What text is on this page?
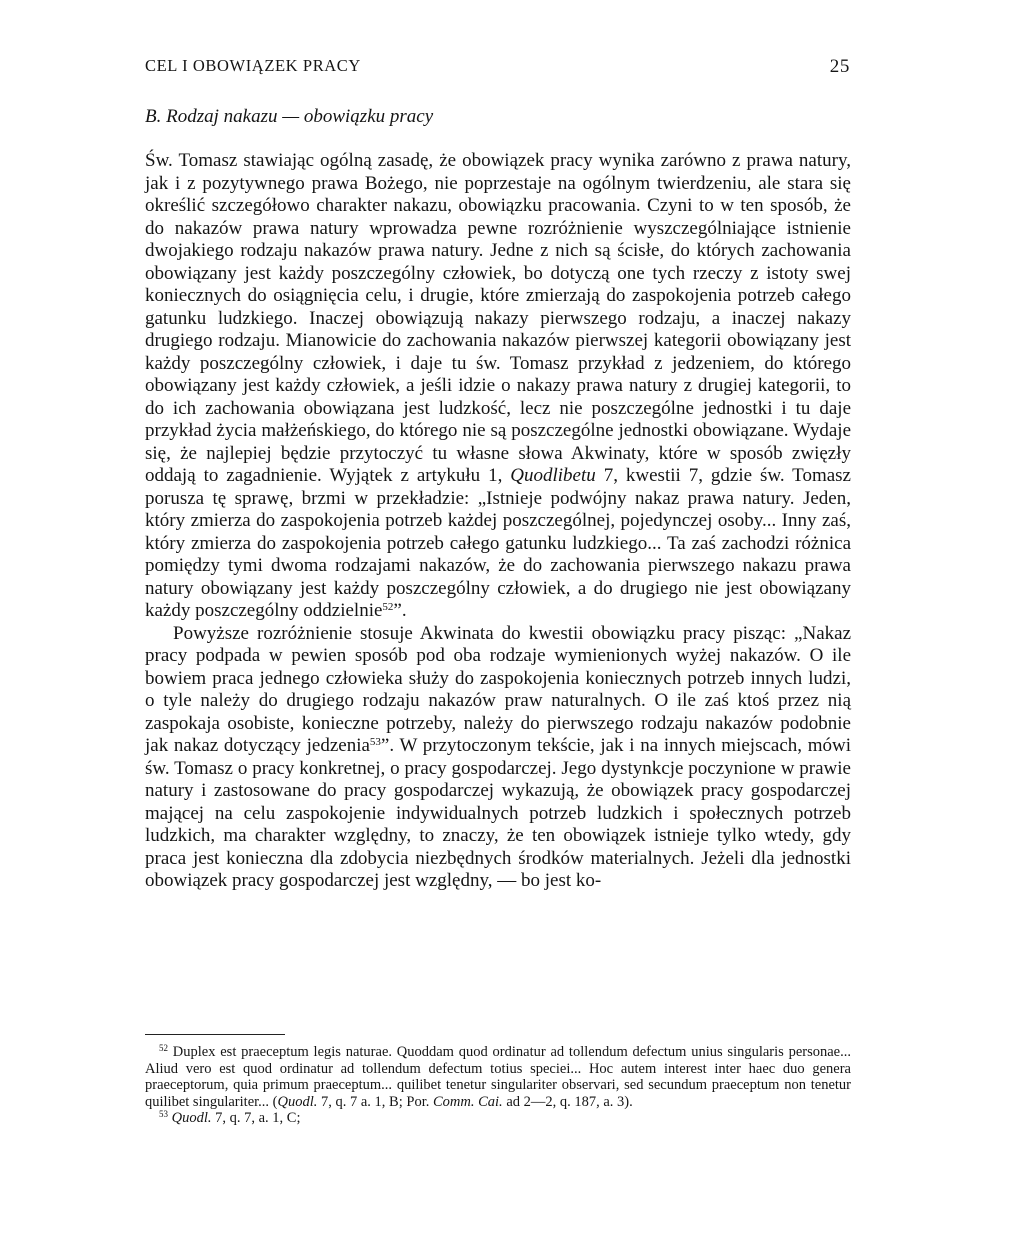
CEL I OBOWIĄZEK PRACY	25
B. Rodzaj nakazu — obowiązku pracy

Św. Tomasz stawiając ogólną zasadę, że obowiązek pracy wynika zarówno z prawa natury, jak i z pozytywnego prawa Bożego, nie poprzestaje na ogólnym twierdzeniu, ale stara się określić szczegółowo charakter nakazu, obowiązku pracowania. Czyni to w ten sposób, że do nakazów prawa natury wprowadza pewne rozróżnienie wyszczególniające istnienie dwojakiego rodzaju nakazów prawa natury. Jedne z nich są ścisłe, do których zachowania obowiązany jest każdy poszczególny człowiek, bo dotyczą one tych rzeczy z istoty swej koniecznych do osiągnięcia celu, i drugie, które zmierzają do zaspokojenia potrzeb całego gatunku ludzkiego. Inaczej obowiązują nakazy pierwszego rodzaju, a inaczej nakazy drugiego rodzaju. Mianowicie do zachowania nakazów pierwszej kategorii obowiązany jest każdy poszczególny człowiek, i daje tu św. Tomasz przykład z jedzeniem, do którego obowiązany jest każdy człowiek, a jeśli idzie o nakazy prawa natury z drugiej kategorii, to do ich zachowania obowiązana jest ludzkość, lecz nie poszczególne jednostki i tu daje przykład życia małżeńskiego, do którego nie są poszczególne jednostki obowiązane. Wydaje się, że najlepiej będzie przytoczyć tu własne słowa Akwinaty, które w sposób zwięzły oddają to zagadnienie. Wyjątek z artykułu 1, Quodlibetu 7, kwestii 7, gdzie św. Tomasz porusza tę sprawę, brzmi w przekładzie: „Istnieje podwójny nakaz prawa natury. Jeden, który zmierza do zaspokojenia potrzeb każdej poszczególnej, pojedynczej osoby... Inny zaś, który zmierza do zaspokojenia potrzeb całego gatunku ludzkiego... Ta zaś zachodzi różnica pomiędzy tymi dwoma rodzajami nakazów, że do zachowania pierwszego nakazu prawa natury obowiązany jest każdy poszczególny człowiek, a do drugiego nie jest obowiązany każdy poszczególny oddzielnie$^{52}$”.

Powyższe rozróżnienie stosuje Akwinata do kwestii obowiązku pracy pisząc: „Nakaz pracy podpada w pewien sposób pod oba rodzaje wymienionych wyżej nakazów. O ile bowiem praca jednego człowieka służy do zaspokojenia koniecznych potrzeb innych ludzi, o tyle należy do drugiego rodzaju nakazów praw naturalnych. O ile zaś ktoś przez nią zaspokaja osobiste, konieczne potrzeby, należy do pierwszego rodzaju nakazów podobnie jak nakaz dotyczący jedzenia$^{53}$”. W przytoczonym tekście, jak i na innych miejscach, mówi św. Tomasz o pracy konkretnej, o pracy gospodarczej. Jego dystynkcje poczynione w prawie natury i zastosowane do pracy gospodarczej wykazują, że obowiązek pracy gospodarczej mającej na celu zaspokojenie indywidualnych potrzeb ludzkich i społecznych potrzeb ludzkich, ma charakter względny, to znaczy, że ten obowiązek istnieje tylko wtedy, gdy praca jest konieczna dla zdobycia niezbędnych środków materialnych. Jeżeli dla jednostki obowiązek pracy gospodarczej jest względny, — bo jest ko-

$^{52}$ Duplex est praeceptum legis naturae. Quoddam quod ordinatur ad tollendum defectum unius singularis personae... Aliud vero est quod ordinatur ad tollendum defectum totius speciei... Hoc autem interest inter haec duo genera praeceptorum, quia primum praeceptum... quilibet tenetur singulariter observari, sed secundum praeceptum non tenetur quilibet singulariter... (Quodl. 7, q. 7 a. 1, B; Por. Comm. Cai. ad 2—2, q. 187, a. 3).

$^{53}$ Quodl. 7, q. 7, a. 1, C;
